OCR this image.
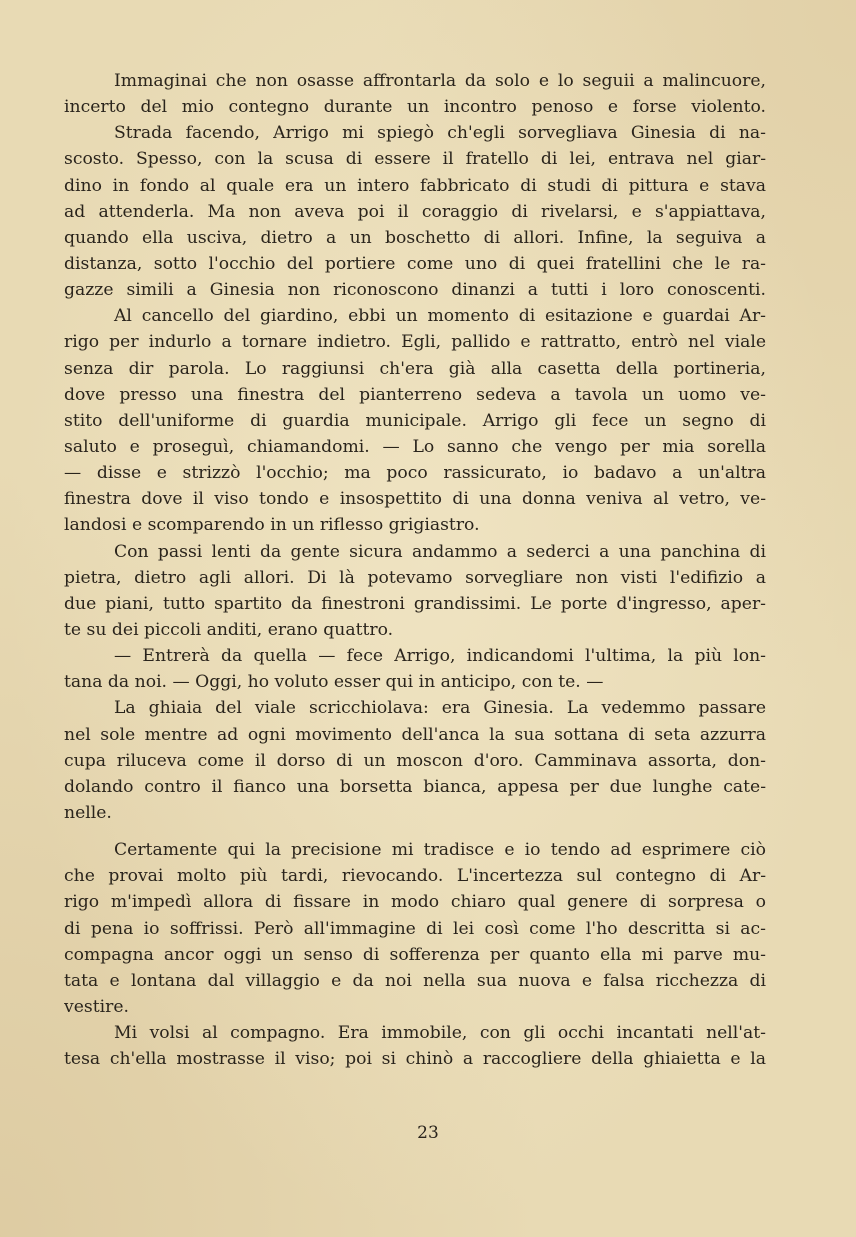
Immaginai che non osasse affrontarla da solo e lo seguii a malincuore,
incerto del mio contegno durante un incontro penoso e forse violento.
Strada facendo, Arrigo mi spiegò ch'egli sorvegliava Ginesia di na-
scosto. Spesso, con la scusa di essere il fratello di lei, entrava nel giar-
dino in fondo al quale era un intero fabbricato di studi di pittura e stava
ad attenderla. Ma non aveva poi il coraggio di rivelarsi, e s'appiattava,
quando ella usciva, dietro a un boschetto di allori. Infine, la seguiva a
distanza, sotto l'occhio del portiere come uno di quei fratellini che le ra-
gazze simili a Ginesia non riconoscono dinanzi a tutti i loro conoscenti.
Al cancello del giardino, ebbi un momento di esitazione e guardai Ar-
rigo per indurlo a tornare indietro. Egli, pallido e rattratto, entrò nel viale
senza dir parola. Lo raggiunsi ch'era già alla casetta della portineria,
dove presso una finestra del pianterreno sedeva a tavola un uomo ve-
stito dell'uniforme di guardia municipale. Arrigo gli fece un segno di
saluto e proseguì, chiamandomi. — Lo sanno che vengo per mia sorella
— disse e strizzò l'occhio; ma poco rassicurato, io badavo a un'altra
finestra dove il viso tondo e insospettito di una donna veniva al vetro, ve-
landosi e scomparendo in un riflesso grigiastro.
Con passi lenti da gente sicura andammo a sederci a una panchina di
pietra, dietro agli allori. Di là potevamo sorvegliare non visti l'edifizio a
due piani, tutto spartito da finestroni grandissimi. Le porte d'ingresso, aper-
te su dei piccoli anditi, erano quattro.
— Entrerà da quella — fece Arrigo, indicandomi l'ultima, la più lon-
tana da noi. — Oggi, ho voluto esser qui in anticipo, con te. —
La ghiaia del viale scricchiolava: era Ginesia. La vedemmo passare
nel sole mentre ad ogni movimento dell'anca la sua sottana di seta azzurra
cupa riluceva come il dorso di un moscon d'oro. Camminava assorta, don-
dolando contro il fianco una borsetta bianca, appesa per due lunghe cate-
nelle.
Certamente qui la precisione mi tradisce e io tendo ad esprimere ciò
che provai molto più tardi, rievocando. L'incertezza sul contegno di Ar-
rigo m'impedì allora di fissare in modo chiaro qual genere di sorpresa o
di pena io soffrissi. Però all'immagine di lei così come l'ho descritta si ac-
compagna ancor oggi un senso di sofferenza per quanto ella mi parve mu-
tata e lontana dal villaggio e da noi nella sua nuova e falsa ricchezza di
vestire.
Mi volsi al compagno. Era immobile, con gli occhi incantati nell'at-
tesa ch'ella mostrasse il viso; poi si chinò a raccogliere della ghiaietta e la
23
